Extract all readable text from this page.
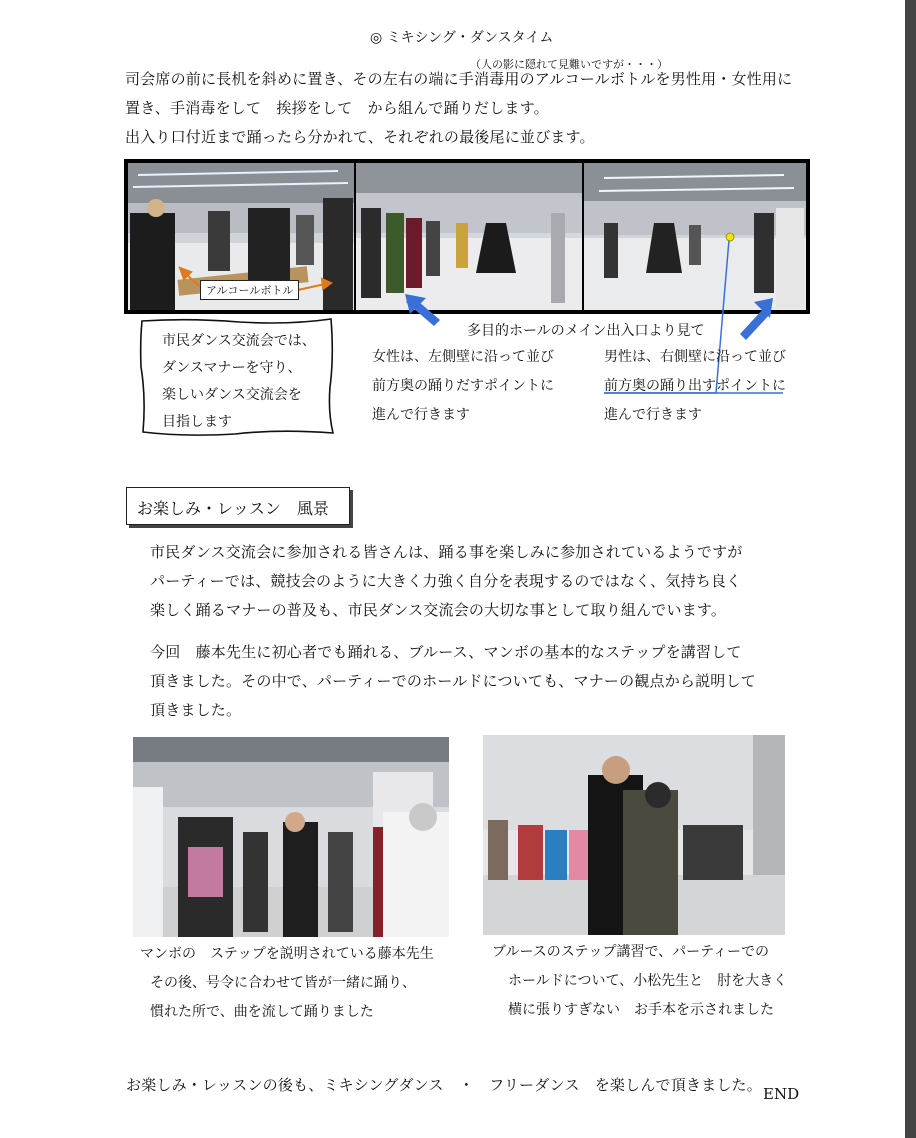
◎ ミキシング・ダンスタイム
（人の影に隠れて見難いですが・・・）
司会席の前に長机を斜めに置き、その左右の端に手消毒用のアルコールボトルを男性用・女性用に
置き、手消毒をして　挨拶をして　から組んで踊りだします。
出入り口付近まで踊ったら分かれて、それぞれの最後尾に並びます。
アルコールボトル
多目的ホールのメイン出入口より見て
市民ダンス交流会では、
ダンスマナーを守り、
楽しいダンス交流会を
目指します
女性は、左側壁に沿って並び
前方奥の踊りだすポイントに
進んで行きます
男性は、右側壁に沿って並び
前方奥の踊り出すポイントに
進んで行きます
お楽しみ・レッスン　風景
市民ダンス交流会に参加される皆さんは、踊る事を楽しみに参加されているようですが
パーティーでは、競技会のように大きく力強く自分を表現するのではなく、気持ち良く
楽しく踊るマナーの普及も、市民ダンス交流会の大切な事として取り組んでいます。
今回　藤本先生に初心者でも踊れる、ブルース、マンボの基本的なステップを講習して
頂きました。その中で、パーティーでのホールドについても、マナーの観点から説明して
頂きました。
マンボの　ステップを説明されている藤本先生
その後、号令に合わせて皆が一緒に踊り、
慣れた所で、曲を流して踊りました
ブルースのステップ講習で、パーティーでの
ホールドについて、小松先生と　肘を大きく
横に張りすぎない　お手本を示されました
お楽しみ・レッスンの後も、ミキシングダンス　・　フリーダンス　を楽しんで頂きました。 END
